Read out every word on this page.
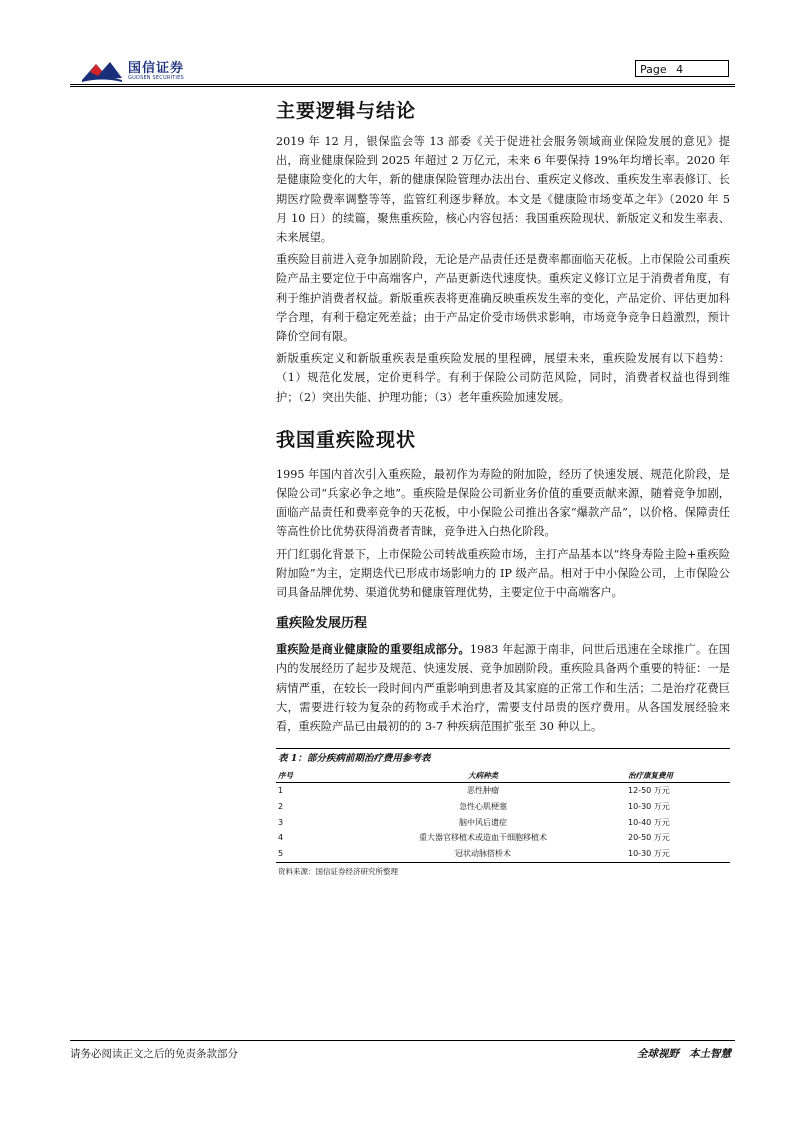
国信证券
GUOSEN SECURITIES
Page 4
主要逻辑与结论

2019 年 12 月，银保监会等 13 部委《关于促进社会服务领域商业保险发展的意见》提出，商业健康保险到 2025 年超过 2 万亿元，未来 6 年要保持 19%年均增长率。2020 年是健康险变化的大年，新的健康保险管理办法出台、重疾定义修改、重疾发生率表修订、长期医疗险费率调整等等，监管红利逐步释放。本文是《健康险市场变革之年》（2020 年 5 月 10 日）的续篇，聚焦重疾险，核心内容包括：我国重疾险现状、新版定义和发生率表、未来展望。

重疾险目前进入竞争加剧阶段，无论是产品责任还是费率都面临天花板。上市保险公司重疾险产品主要定位于中高端客户，产品更新迭代速度快。重疾定义修订立足于消费者角度，有利于维护消费者权益。新版重疾表将更准确反映重疾发生率的变化，产品定价、评估更加科学合理，有利于稳定死差益；由于产品定价受市场供求影响，市场竞争竞争日趋激烈，预计降价空间有限。

新版重疾定义和新版重疾表是重疾险发展的里程碑，展望未来，重疾险发展有以下趋势：（1）规范化发展，定价更科学。有利于保险公司防范风险，同时，消费者权益也得到维护；（2）突出失能、护理功能；（3）老年重疾险加速发展。

我国重疾险现状

1995 年国内首次引入重疾险，最初作为寿险的附加险，经历了快速发展、规范化阶段，是保险公司“兵家必争之地”。重疾险是保险公司新业务价值的重要贡献来源，随着竞争加剧，面临产品责任和费率竞争的天花板，中小保险公司推出各家“爆款产品”，以价格、保障责任等高性价比优势获得消费者青睐，竞争进入白热化阶段。

开门红弱化背景下，上市保险公司转战重疾险市场，主打产品基本以“终身寿险主险+重疾险附加险”为主，定期迭代已形成市场影响力的 IP 级产品。相对于中小保险公司，上市保险公司具备品牌优势、渠道优势和健康管理优势，主要定位于中高端客户。

重疾险发展历程

重疾险是商业健康险的重要组成部分。1983 年起源于南非，问世后迅速在全球推广。在国内的发展经历了起步及规范、快速发展、竞争加剧阶段。重疾险具备两个重要的特征：一是病情严重，在较长一段时间内严重影响到患者及其家庭的正常工作和生活；二是治疗花费巨大，需要进行较为复杂的药物或手术治疗，需要支付昂贵的医疗费用。从各国发展经验来看，重疾险产品已由最初的的 3-7 种疾病范围扩张至 30 种以上。

表 1：部分疾病前期治疗费用参考表
序号	大病种类	治疗康复费用
1	恶性肿瘤	12-50 万元
2	急性心肌梗塞	10-30 万元
3	脑中风后遗症	10-40 万元
4	重大器官移植术或造血干细胞移植术	20-50 万元
5	冠状动脉搭桥术	10-30 万元
资料来源：国信证券经济研究所整理
请务必阅读正文之后的免责条款部分	全球视野 本土智慧
